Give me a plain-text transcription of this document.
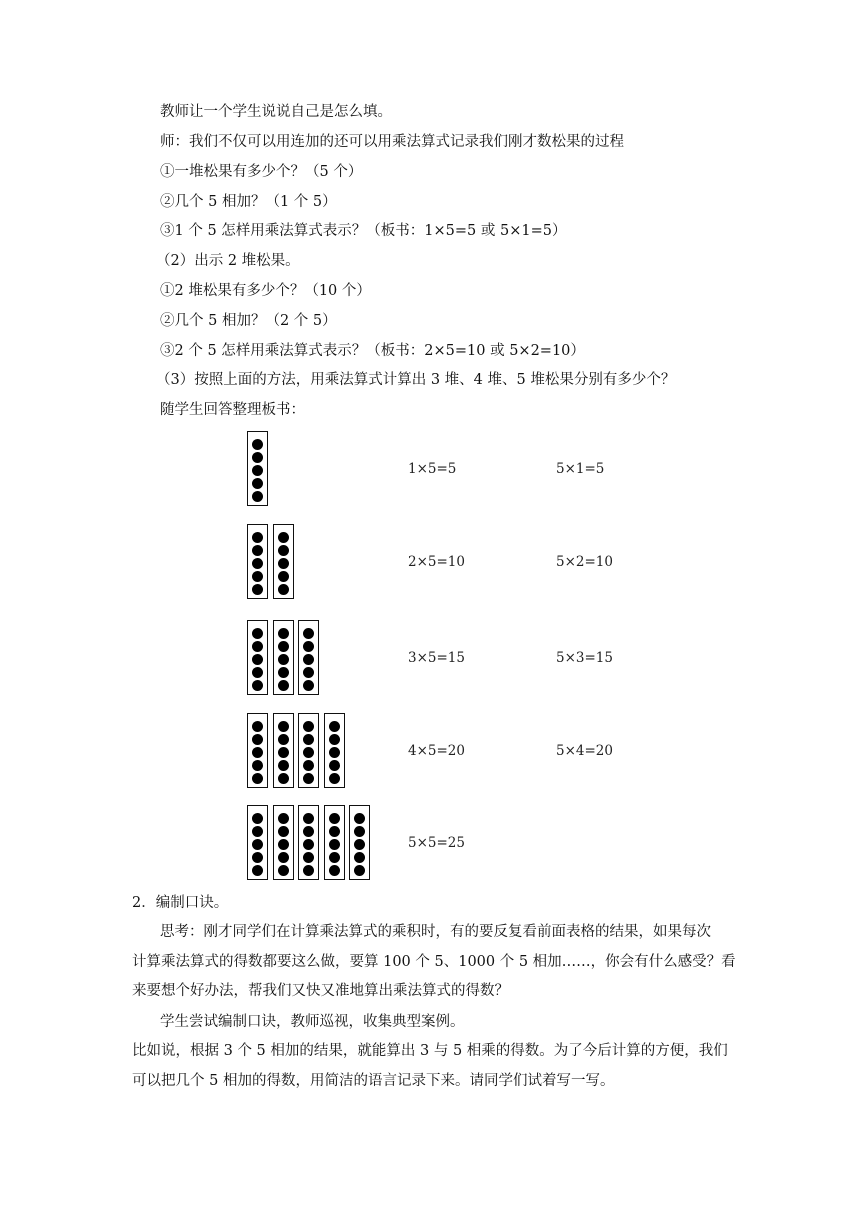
教师让一个学生说说自己是怎么填。
师：我们不仅可以用连加的还可以用乘法算式记录我们刚才数松果的过程
①一堆松果有多少个？（5 个）
②几个 5 相加？（1 个 5）
③1 个 5 怎样用乘法算式表示？（板书：1×5=5 或 5×1=5）
（2）出示 2 堆松果。
①2 堆松果有多少个？（10 个）
②几个 5 相加？（2 个 5）
③2 个 5 怎样用乘法算式表示？（板书：2×5=10 或 5×2=10）
（3）按照上面的方法，用乘法算式计算出 3 堆、4 堆、5 堆松果分别有多少个？
随学生回答整理板书：
1×5=5	5×1=5
2×5=10	5×2=10
3×5=15	5×3=15
4×5=20	5×4=20
5×5=25
2．编制口诀。
思考：刚才同学们在计算乘法算式的乘积时，有的要反复看前面表格的结果，如果每次
计算乘法算式的得数都要这么做，要算 100 个 5、1000 个 5 相加……，你会有什么感受？看
来要想个好办法，帮我们又快又准地算出乘法算式的得数？
学生尝试编制口诀，教师巡视，收集典型案例。
比如说，根据 3 个 5 相加的结果，就能算出 3 与 5 相乘的得数。为了今后计算的方便，我们
可以把几个 5 相加的得数，用简洁的语言记录下来。请同学们试着写一写。
